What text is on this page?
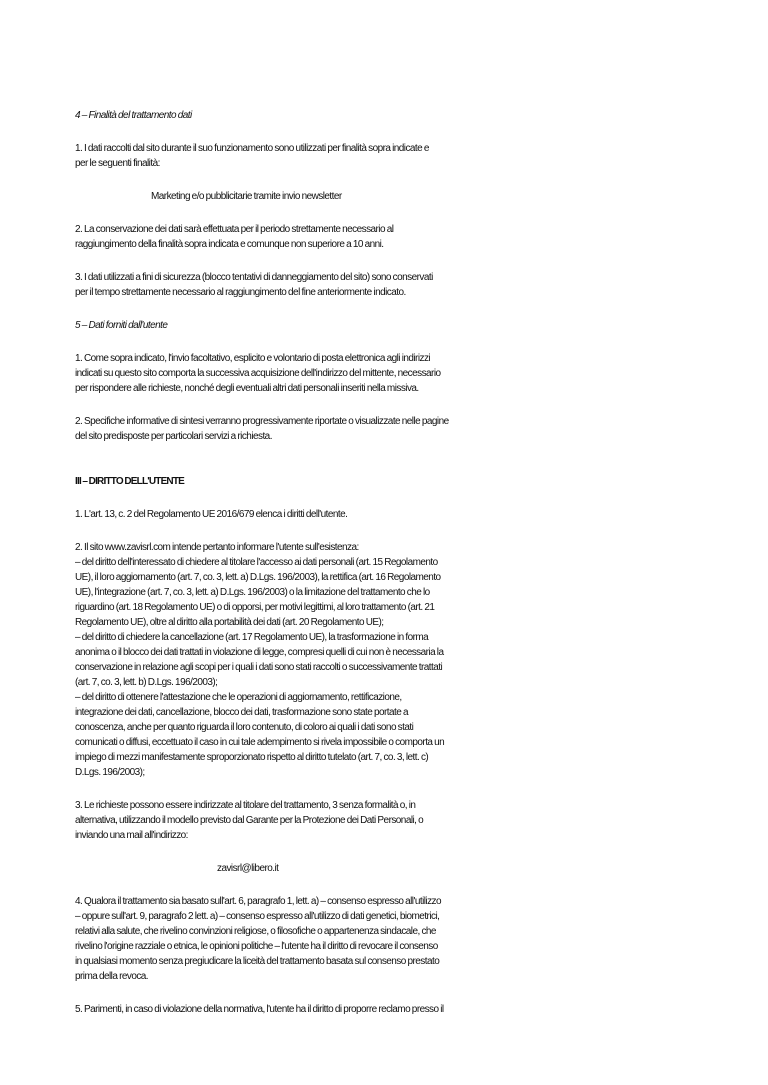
4 – Finalità del trattamento dati

1. I dati raccolti dal sito durante il suo funzionamento sono utilizzati per finalità sopra indicate e
per le seguenti finalità:

Marketing e/o pubblicitarie tramite invio newsletter

2. La conservazione dei dati sarà effettuata per il periodo strettamente necessario al
raggiungimento della finalità sopra indicata e comunque non superiore a 10 anni.

3. I dati utilizzati a fini di sicurezza (blocco tentativi di danneggiamento del sito) sono conservati
per il tempo strettamente necessario al raggiungimento del fine anteriormente indicato.

5 – Dati forniti dall'utente

1. Come sopra indicato, l'invio facoltativo, esplicito e volontario di posta elettronica agli indirizzi
indicati su questo sito comporta la successiva acquisizione dell'indirizzo del mittente, necessario
per rispondere alle richieste, nonché degli eventuali altri dati personali inseriti nella missiva.

2. Specifiche informative di sintesi verranno progressivamente riportate o visualizzate nelle pagine
del sito predisposte per particolari servizi a richiesta.

III – DIRITTO DELL'UTENTE

1. L'art. 13, c. 2 del Regolamento UE 2016/679 elenca i diritti dell'utente.

2. Il sito www.zavisrl.com intende pertanto informare l'utente sull'esistenza:
– del diritto dell'interessato di chiedere al titolare l'accesso ai dati personali (art. 15 Regolamento
UE), il loro aggiornamento (art. 7, co. 3, lett. a) D.Lgs. 196/2003), la rettifica (art. 16 Regolamento
UE), l'integrazione (art. 7, co. 3, lett. a) D.Lgs. 196/2003) o la limitazione del trattamento che lo
riguardino (art. 18 Regolamento UE) o di opporsi, per motivi legittimi, al loro trattamento (art. 21
Regolamento UE), oltre al diritto alla portabilità dei dati (art. 20 Regolamento UE);
– del diritto di chiedere la cancellazione (art. 17 Regolamento UE), la trasformazione in forma
anonima o il blocco dei dati trattati in violazione di legge, compresi quelli di cui non è necessaria la
conservazione in relazione agli scopi per i quali i dati sono stati raccolti o successivamente trattati
(art. 7, co. 3, lett. b) D.Lgs. 196/2003);
– del diritto di ottenere l'attestazione che le operazioni di aggiornamento, rettificazione,
integrazione dei dati, cancellazione, blocco dei dati, trasformazione sono state portate a
conoscenza, anche per quanto riguarda il loro contenuto, di coloro ai quali i dati sono stati
comunicati o diffusi, eccettuato il caso in cui tale adempimento si rivela impossibile o comporta un
impiego di mezzi manifestamente sproporzionato rispetto al diritto tutelato (art. 7, co. 3, lett. c)
D.Lgs. 196/2003);

3. Le richieste possono essere indirizzate al titolare del trattamento, 3 senza formalità o, in
alternativa, utilizzando il modello previsto dal Garante per la Protezione dei Dati Personali, o
inviando una mail all'indirizzo:

zavisrl@libero.it

4. Qualora il trattamento sia basato sull'art. 6, paragrafo 1, lett. a) – consenso espresso all'utilizzo
– oppure sull'art. 9, paragrafo 2 lett. a) – consenso espresso all'utilizzo di dati genetici, biometrici,
relativi alla salute, che rivelino convinzioni religiose, o filosofiche o appartenenza sindacale, che
rivelino l'origine razziale o etnica, le opinioni politiche – l'utente ha il diritto di revocare il consenso
in qualsiasi momento senza pregiudicare la liceità del trattamento basata sul consenso prestato
prima della revoca.

5. Parimenti, in caso di violazione della normativa, l'utente ha il diritto di proporre reclamo presso il
